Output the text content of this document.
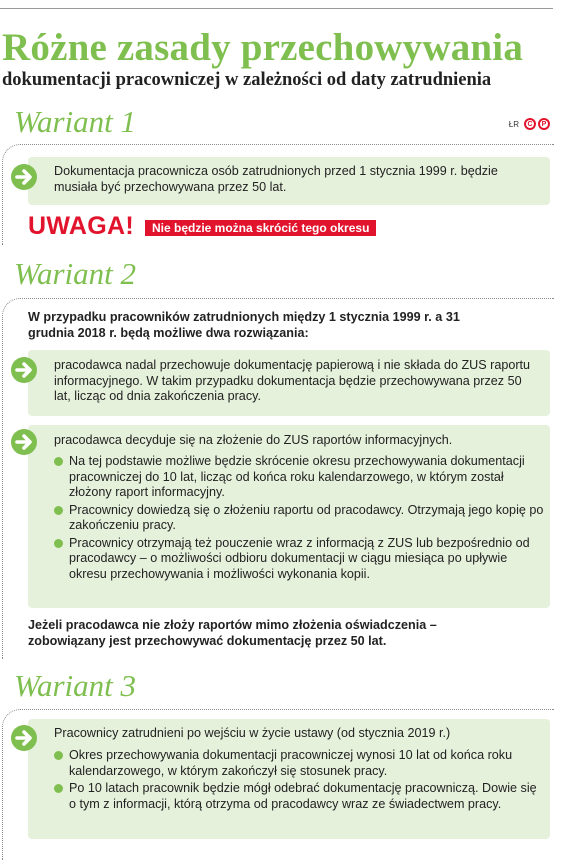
Różne zasady przechowywania
dokumentacji pracowniczej w zależności od daty zatrudnienia
Wariant 1	ŁR	C	P

Dokumentacja pracownicza osób zatrudnionych przed 1 stycznia 1999 r. będzie musiała być przechowywana przez 50 lat.

UWAGA!	Nie będzie można skrócić tego okresu
Wariant 2

W przypadku pracowników zatrudnionych między 1 stycznia 1999 r. a 31 grudnia 2018 r. będą możliwe dwa rozwiązania:

pracodawca nadal przechowuje dokumentację papierową i nie składa do ZUS raportu informacyjnego. W takim przypadku dokumentacja będzie przechowywana przez 50 lat, licząc od dnia zakończenia pracy.

pracodawca decyduje się na złożenie do ZUS raportów informacyjnych.

Na tej podstawie możliwe będzie skrócenie okresu przechowywania dokumentacji pracowniczej do 10 lat, licząc od końca roku kalendarzowego, w którym został złożony raport informacyjny.
Pracownicy dowiedzą się o złożeniu raportu od pracodawcy. Otrzymają jego kopię po zakończeniu pracy.
Pracownicy otrzymają też pouczenie wraz z informacją z ZUS lub bezpośrednio od pracodawcy – o możliwości odbioru dokumentacji w ciągu miesiąca po upływie okresu przechowywania i możliwości wykonania kopii.

Jeżeli pracodawca nie złoży raportów mimo złożenia oświadczenia – zobowiązany jest przechowywać dokumentację przez 50 lat.

Wariant 3

Pracownicy zatrudnieni po wejściu w życie ustawy (od stycznia 2019 r.)

Okres przechowywania dokumentacji pracowniczej wynosi 10 lat od końca roku kalendarzowego, w którym zakończył się stosunek pracy.
Po 10 latach pracownik będzie mógł odebrać dokumentację pracowniczą. Dowie się o tym z informacji, którą otrzyma od pracodawcy wraz ze świadectwem pracy.
